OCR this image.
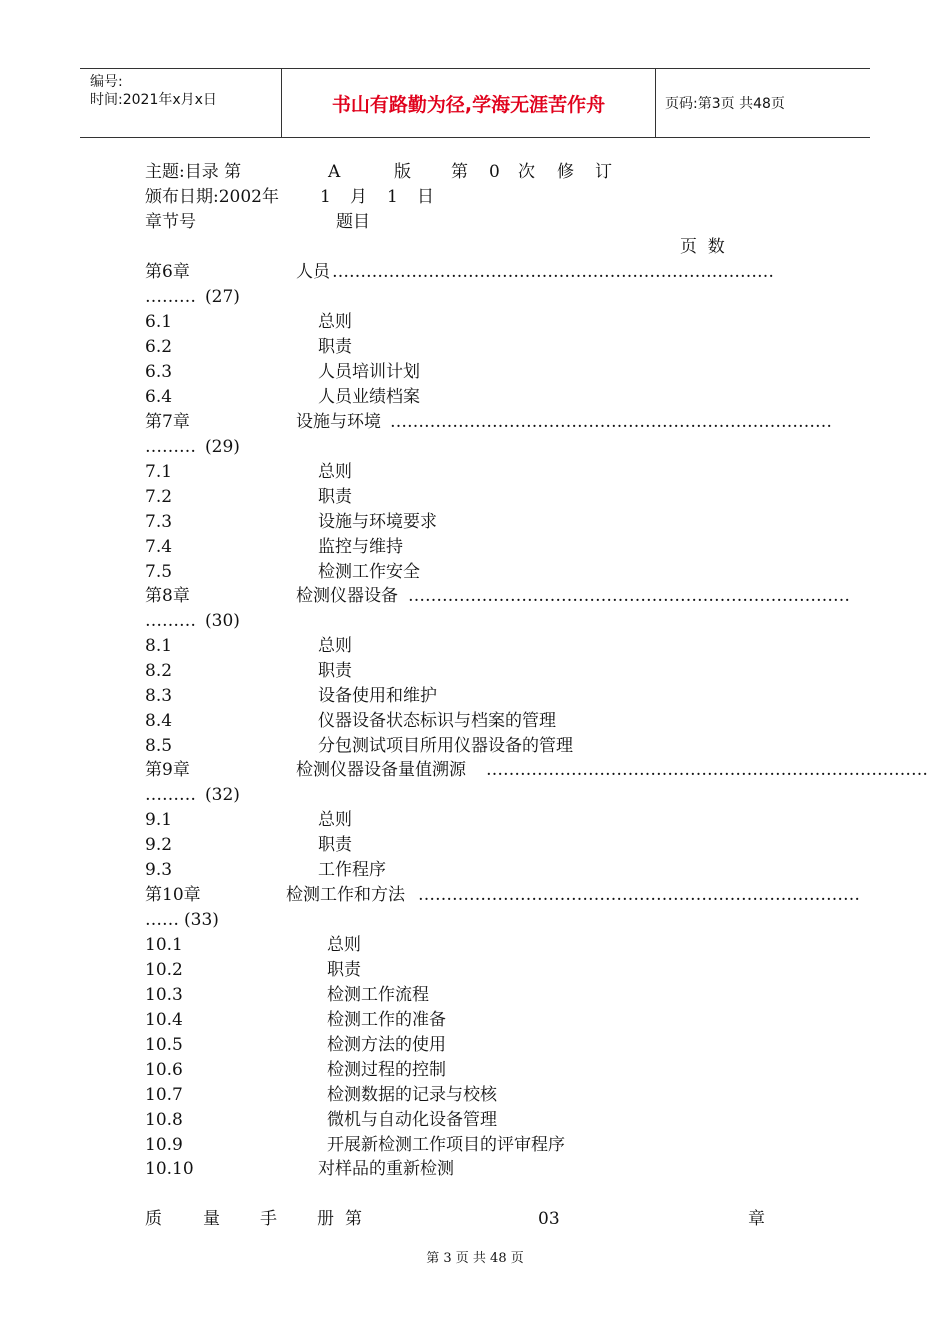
编号:
时间:2021年x月x日	书山有路勤为径,学海无涯苦作舟	页码:第3页 共48页
主题:目录 第	A	版 第 0 次 修 订
颁布日期:2002年 1 月 1 日
章节号	题目
页  数
第6章	人员 ……………………………………………………………………
……… (27)
6.1	总则
6.2	职责
6.3	人员培训计划
6.4	人员业绩档案
第7章	设施与环境 ……………………………………………………………………
……… (29)
7.1	总则
7.2	职责
7.3	设施与环境要求
7.4	监控与维持
7.5	检测工作安全
第8章	检测仪器设备 ……………………………………………………………………
……… (30)
8.1	总则
8.2	职责
8.3	设备使用和维护
8.4	仪器设备状态标识与档案的管理
8.5	分包测试项目所用仪器设备的管理
第9章	检测仪器设备量值溯源 ……………………………………………………………………
……… (32)
9.1	总则
9.2	职责
9.3	工作程序
第10章	检测工作和方法 ……………………………………………………………………
…… (33)
10.1	总则
10.2	职责
10.3	检测工作流程
10.4	检测工作的准备
10.5	检测方法的使用
10.6	检测过程的控制
10.7	检测数据的记录与校核
10.8	微机与自动化设备管理
10.9	开展新检测工作项目的评审程序
10.10	对样品的重新检测
质 量 手 册 第	03	章
第 3 页 共 48 页
